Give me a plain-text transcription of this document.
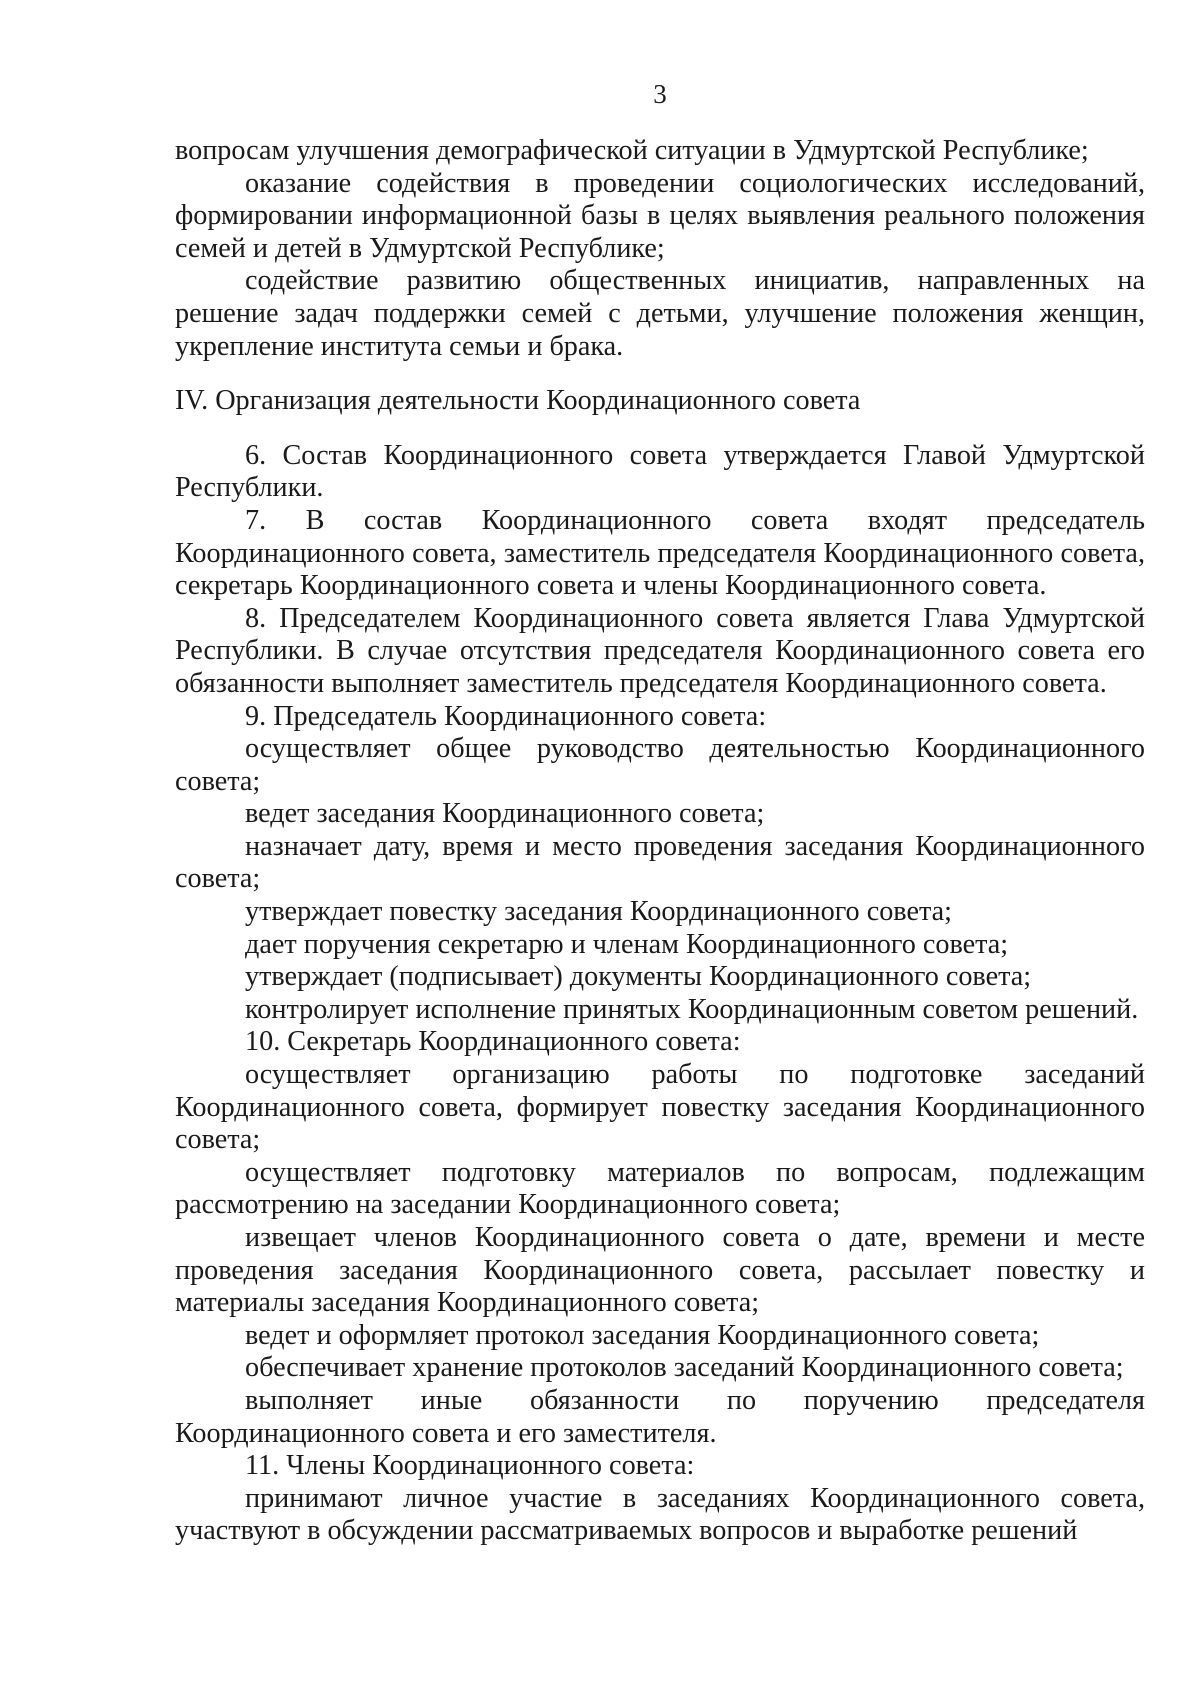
3

вопросам улучшения демографической ситуации в Удмуртской Республике;

оказание содействия в проведении социологических исследований, формировании информационной базы в целях выявления реального положения семей и детей в Удмуртской Республике;

содействие развитию общественных инициатив, направленных на решение задач поддержки семей с детьми, улучшение положения женщин, укрепление института семьи и брака.

IV. Организация деятельности Координационного совета

6. Состав Координационного совета утверждается Главой Удмуртской Республики.

7. В состав Координационного совета входят председатель Координационного совета, заместитель председателя Координационного совета, секретарь Координационного совета и члены Координационного совета.

8. Председателем Координационного совета является Глава Удмуртской Республики. В случае отсутствия председателя Координационного совета его обязанности выполняет заместитель председателя Координационного совета.

9. Председатель Координационного совета:

осуществляет общее руководство деятельностью Координационного совета;

ведет заседания Координационного совета;

назначает дату, время и место проведения заседания Координационного совета;

утверждает повестку заседания Координационного совета;

дает поручения секретарю и членам Координационного совета;

утверждает (подписывает) документы Координационного совета;

контролирует исполнение принятых Координационным советом решений.

10. Секретарь Координационного совета:

осуществляет организацию работы по подготовке заседаний Координационного совета, формирует повестку заседания Координационного совета;

осуществляет подготовку материалов по вопросам, подлежащим рассмотрению на заседании Координационного совета;

извещает членов Координационного совета о дате, времени и месте проведения заседания Координационного совета, рассылает повестку и материалы заседания Координационного совета;

ведет и оформляет протокол заседания Координационного совета;

обеспечивает хранение протоколов заседаний Координационного совета;

выполняет иные обязанности по поручению председателя Координационного совета и его заместителя.

11. Члены Координационного совета:

принимают личное участие в заседаниях Координационного совета, участвуют в обсуждении рассматриваемых вопросов и выработке решений
